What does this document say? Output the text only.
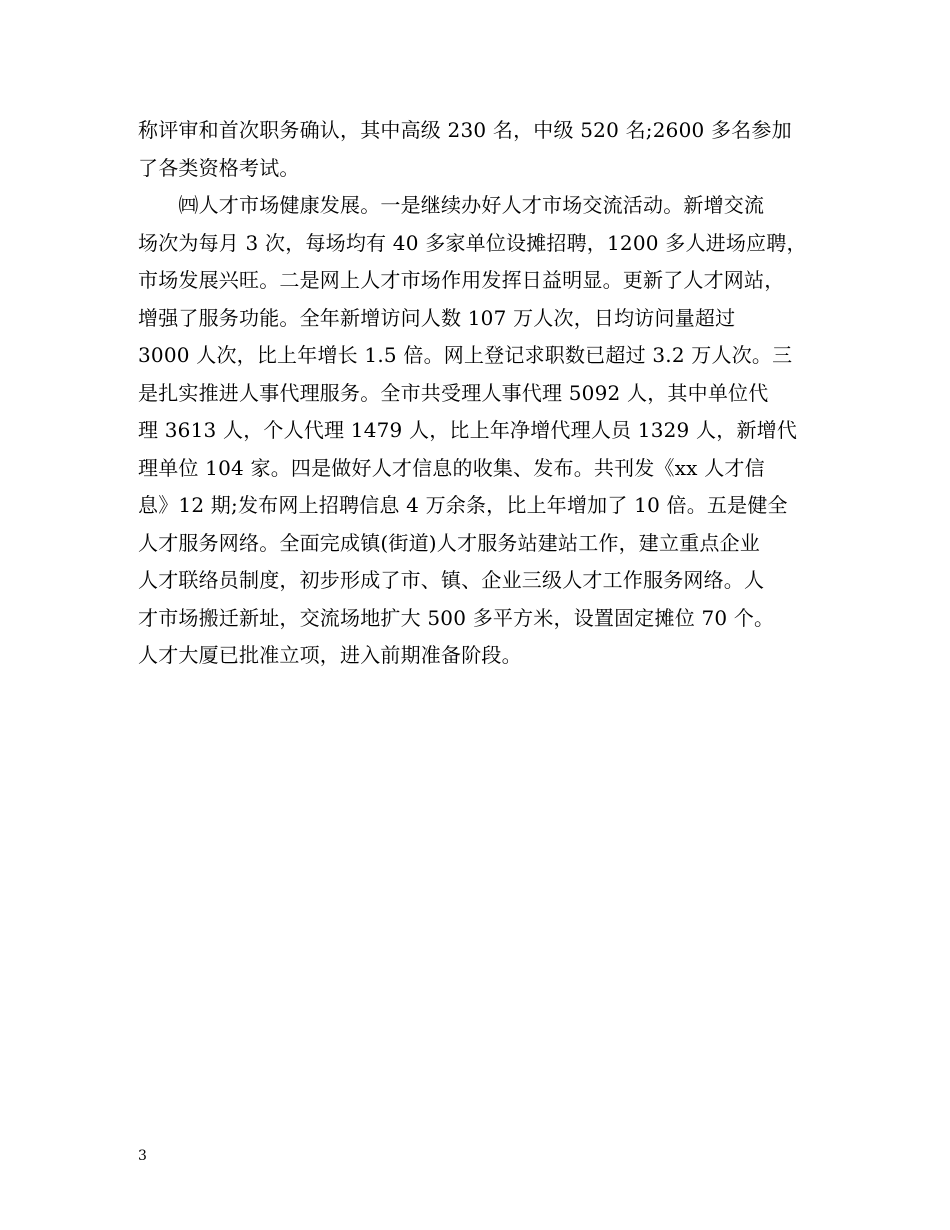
称评审和首次职务确认，其中高级 230 名，中级 520 名;2600 多名参加
了各类资格考试。
　　㈣人才市场健康发展。一是继续办好人才市场交流活动。新增交流
场次为每月 3 次，每场均有 40 多家单位设摊招聘，1200 多人进场应聘，
市场发展兴旺。二是网上人才市场作用发挥日益明显。更新了人才网站，
增强了服务功能。全年新增访问人数 107 万人次，日均访问量超过
3000 人次，比上年增长 1.5 倍。网上登记求职数已超过 3.2 万人次。三
是扎实推进人事代理服务。全市共受理人事代理 5092 人，其中单位代
理 3613 人，个人代理 1479 人，比上年净增代理人员 1329 人，新增代
理单位 104 家。四是做好人才信息的收集、发布。共刊发《xx 人才信
息》12 期;发布网上招聘信息 4 万余条，比上年增加了 10 倍。五是健全
人才服务网络。全面完成镇(街道)人才服务站建站工作，建立重点企业
人才联络员制度，初步形成了市、镇、企业三级人才工作服务网络。人
才市场搬迁新址，交流场地扩大 500 多平方米，设置固定摊位 70 个。
人才大厦已批准立项，进入前期准备阶段。
3
